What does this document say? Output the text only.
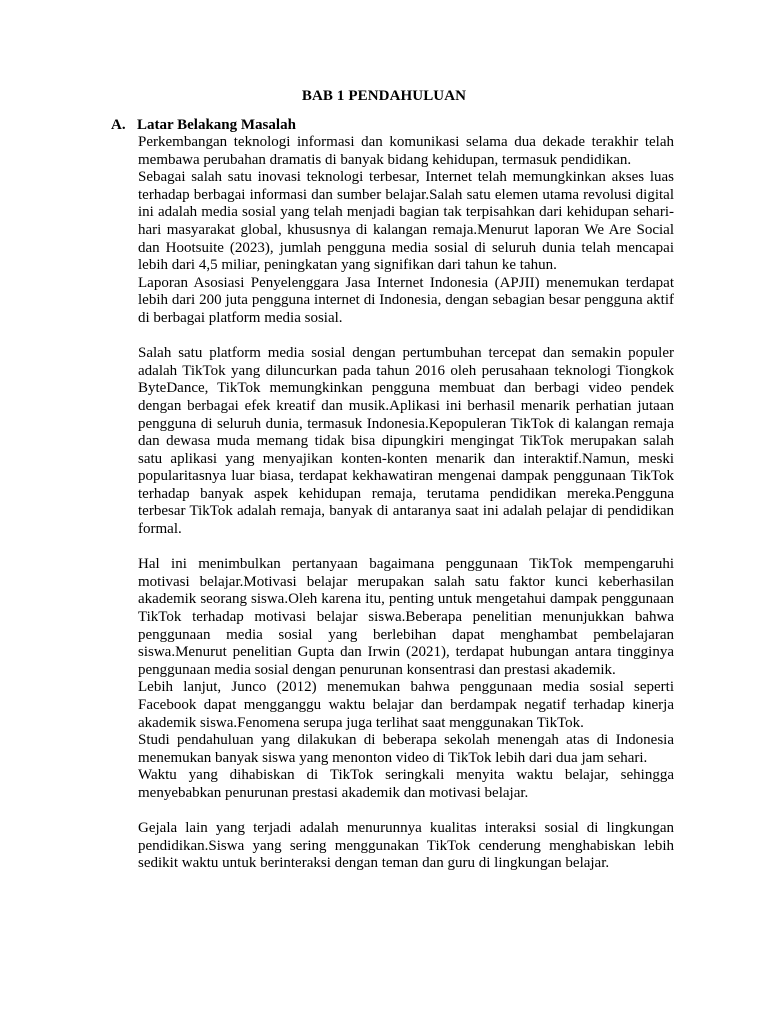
BAB 1 PENDAHULUAN
A. Latar Belakang Masalah

Perkembangan teknologi informasi dan komunikasi selama dua dekade terakhir telah membawa perubahan dramatis di banyak bidang kehidupan, termasuk pendidikan.

Sebagai salah satu inovasi teknologi terbesar, Internet telah memungkinkan akses luas terhadap berbagai informasi dan sumber belajar.Salah satu elemen utama revolusi digital ini adalah media sosial yang telah menjadi bagian tak terpisahkan dari kehidupan sehari-hari masyarakat global, khususnya di kalangan remaja.Menurut laporan We Are Social dan Hootsuite (2023), jumlah pengguna media sosial di seluruh dunia telah mencapai lebih dari 4,5 miliar, peningkatan yang signifikan dari tahun ke tahun.

Laporan Asosiasi Penyelenggara Jasa Internet Indonesia (APJII) menemukan terdapat lebih dari 200 juta pengguna internet di Indonesia, dengan sebagian besar pengguna aktif di berbagai platform media sosial.

Salah satu platform media sosial dengan pertumbuhan tercepat dan semakin populer adalah TikTok yang diluncurkan pada tahun 2016 oleh perusahaan teknologi Tiongkok ByteDance, TikTok memungkinkan pengguna membuat dan berbagi video pendek dengan berbagai efek kreatif dan musik.Aplikasi ini berhasil menarik perhatian jutaan pengguna di seluruh dunia, termasuk Indonesia.Kepopuleran TikTok di kalangan remaja dan dewasa muda memang tidak bisa dipungkiri mengingat TikTok merupakan salah satu aplikasi yang menyajikan konten-konten menarik dan interaktif.Namun, meski popularitasnya luar biasa, terdapat kekhawatiran mengenai dampak penggunaan TikTok terhadap banyak aspek kehidupan remaja, terutama pendidikan mereka.Pengguna terbesar TikTok adalah remaja, banyak di antaranya saat ini adalah pelajar di pendidikan formal.

Hal ini menimbulkan pertanyaan bagaimana penggunaan TikTok mempengaruhi motivasi belajar.Motivasi belajar merupakan salah satu faktor kunci keberhasilan akademik seorang siswa.Oleh karena itu, penting untuk mengetahui dampak penggunaan TikTok terhadap motivasi belajar siswa.Beberapa penelitian menunjukkan bahwa penggunaan media sosial yang berlebihan dapat menghambat pembelajaran siswa.Menurut penelitian Gupta dan Irwin (2021), terdapat hubungan antara tingginya penggunaan media sosial dengan penurunan konsentrasi dan prestasi akademik.

Lebih lanjut, Junco (2012) menemukan bahwa penggunaan media sosial seperti Facebook dapat mengganggu waktu belajar dan berdampak negatif terhadap kinerja akademik siswa.Fenomena serupa juga terlihat saat menggunakan TikTok.

Studi pendahuluan yang dilakukan di beberapa sekolah menengah atas di Indonesia menemukan banyak siswa yang menonton video di TikTok lebih dari dua jam sehari.

Waktu yang dihabiskan di TikTok seringkali menyita waktu belajar, sehingga menyebabkan penurunan prestasi akademik dan motivasi belajar.

Gejala lain yang terjadi adalah menurunnya kualitas interaksi sosial di lingkungan pendidikan.Siswa yang sering menggunakan TikTok cenderung menghabiskan lebih sedikit waktu untuk berinteraksi dengan teman dan guru di lingkungan belajar.
